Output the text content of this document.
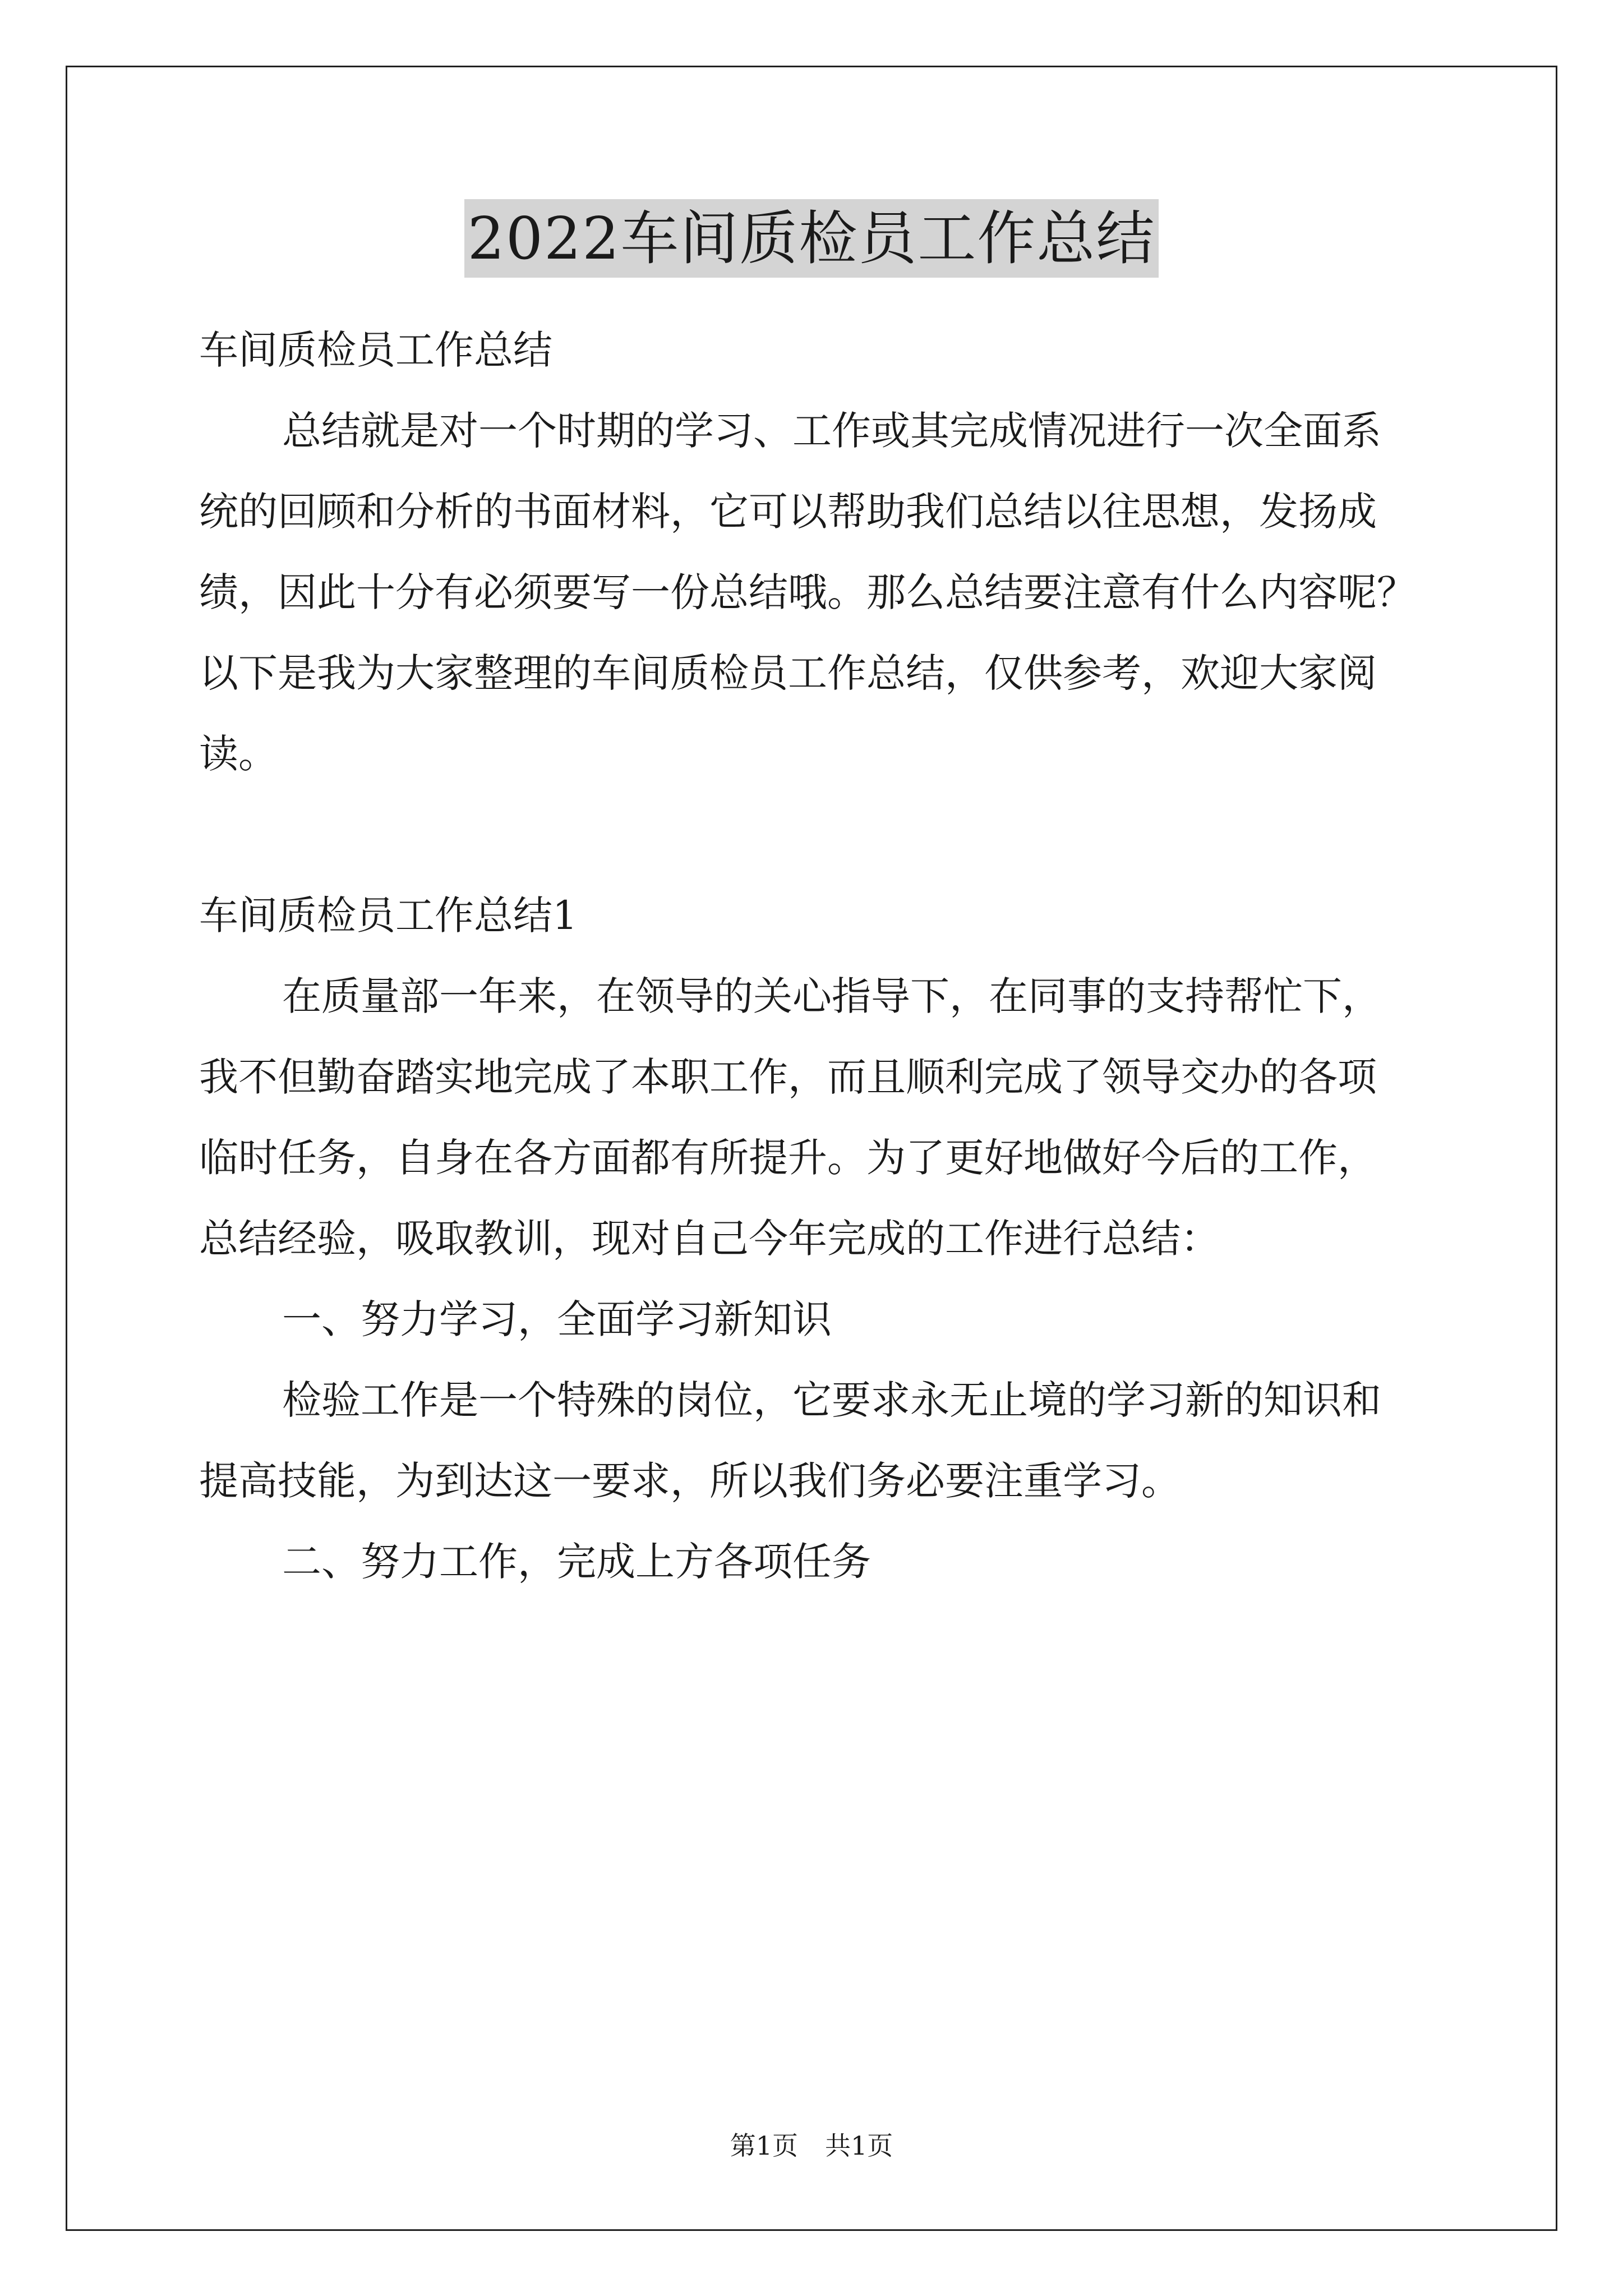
2022车间质检员工作总结
车间质检员工作总结
总结就是对一个时期的学习、工作或其完成情况进行一次全面系
统的回顾和分析的书面材料，它可以帮助我们总结以往思想，发扬成
绩，因此十分有必须要写一份总结哦。那么总结要注意有什么内容呢？
以下是我为大家整理的车间质检员工作总结，仅供参考，欢迎大家阅
读。
车间质检员工作总结1
在质量部一年来，在领导的关心指导下，在同事的支持帮忙下，
我不但勤奋踏实地完成了本职工作，而且顺利完成了领导交办的各项
临时任务，自身在各方面都有所提升。为了更好地做好今后的工作，
总结经验，吸取教训，现对自己今年完成的工作进行总结：
一、努力学习，全面学习新知识
检验工作是一个特殊的岗位，它要求永无止境的学习新的知识和
提高技能，为到达这一要求，所以我们务必要注重学习。
二、努力工作，完成上方各项任务
第1页 共1页
